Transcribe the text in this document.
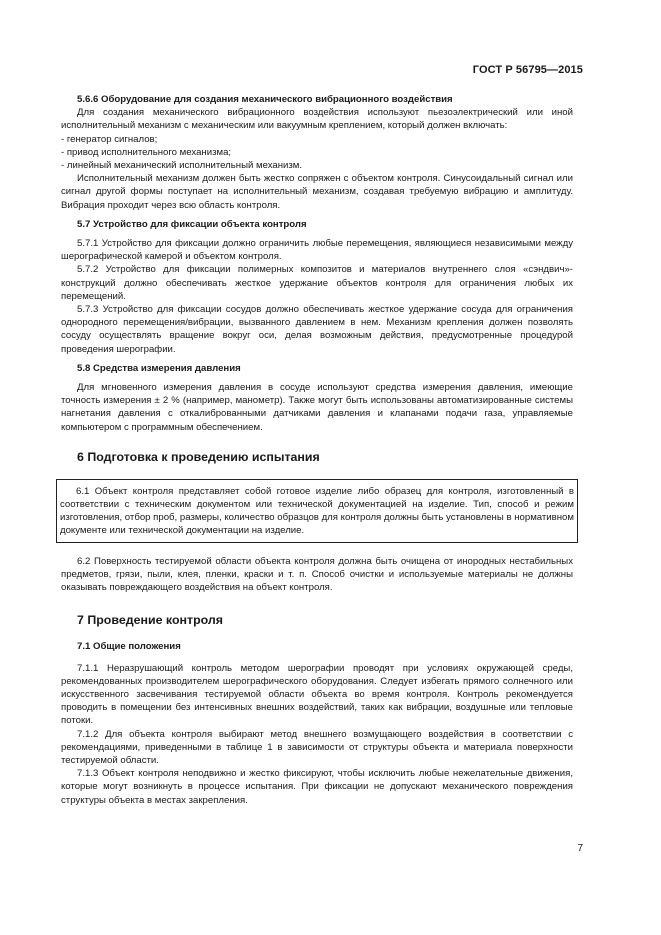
ГОСТ Р 56795—2015

5.6.6 Оборудование для создания механического вибрационного воздействия

Для создания механического вибрационного воздействия используют пьезоэлектрический или иной исполнительный механизм с механическим или вакуумным креплением, который должен включать:

- генератор сигналов;

- привод исполнительного механизма;

- линейный механический исполнительный механизм.

Исполнительный механизм должен быть жестко сопряжен с объектом контроля. Синусоидальный сигнал или сигнал другой формы поступает на исполнительный механизм, создавая требуемую вибрацию и амплитуду. Вибрация проходит через всю область контроля.

5.7 Устройство для фиксации объекта контроля

5.7.1 Устройство для фиксации должно ограничить любые перемещения, являющиеся независимыми между шерографической камерой и объектом контроля.

5.7.2 Устройство для фиксации полимерных композитов и материалов внутреннего слоя «сэндвич»-конструкций должно обеспечивать жесткое удержание объектов контроля для ограничения любых их перемещений.

5.7.3 Устройство для фиксации сосудов должно обеспечивать жесткое удержание сосуда для ограничения однородного перемещения/вибрации, вызванного давлением в нем. Механизм крепления должен позволять сосуду осуществлять вращение вокруг оси, делая возможным действия, предусмотренные процедурой проведения шерографии.

5.8 Средства измерения давления

Для мгновенного измерения давления в сосуде используют средства измерения давления, имеющие точность измерения ± 2 % (например, манометр). Также могут быть использованы автоматизированные системы нагнетания давления с откалиброванными датчиками давления и клапанами подачи газа, управляемые компьютером с программным обеспечением.

6 Подготовка к проведению испытания

6.1 Объект контроля представляет собой готовое изделие либо образец для контроля, изготовленный в соответствии с техническим документом или технической документацией на изделие. Тип, способ и режим изготовления, отбор проб, размеры, количество образцов для контроля должны быть установлены в нормативном документе или технической документации на изделие.

6.2 Поверхность тестируемой области объекта контроля должна быть очищена от инородных нестабильных предметов, грязи, пыли, клея, пленки, краски и т. п. Способ очистки и используемые материалы не должны оказывать повреждающего воздействия на объект контроля.

7 Проведение контроля

7.1 Общие положения

7.1.1 Неразрушающий контроль методом шерографии проводят при условиях окружающей среды, рекомендованных производителем шерографического оборудования. Следует избегать прямого солнечного или искусственного засвечивания тестируемой области объекта во время контроля. Контроль рекомендуется проводить в помещении без интенсивных внешних воздействий, таких как вибрации, воздушные или тепловые потоки.

7.1.2 Для объекта контроля выбирают метод внешнего возмущающего воздействия в соответствии с рекомендациями, приведенными в таблице 1 в зависимости от структуры объекта и материала поверхности тестируемой области.

7.1.3 Объект контроля неподвижно и жестко фиксируют, чтобы исключить любые нежелательные движения, которые могут возникнуть в процессе испытания. При фиксации не допускают механического повреждения структуры объекта в местах закрепления.

7
